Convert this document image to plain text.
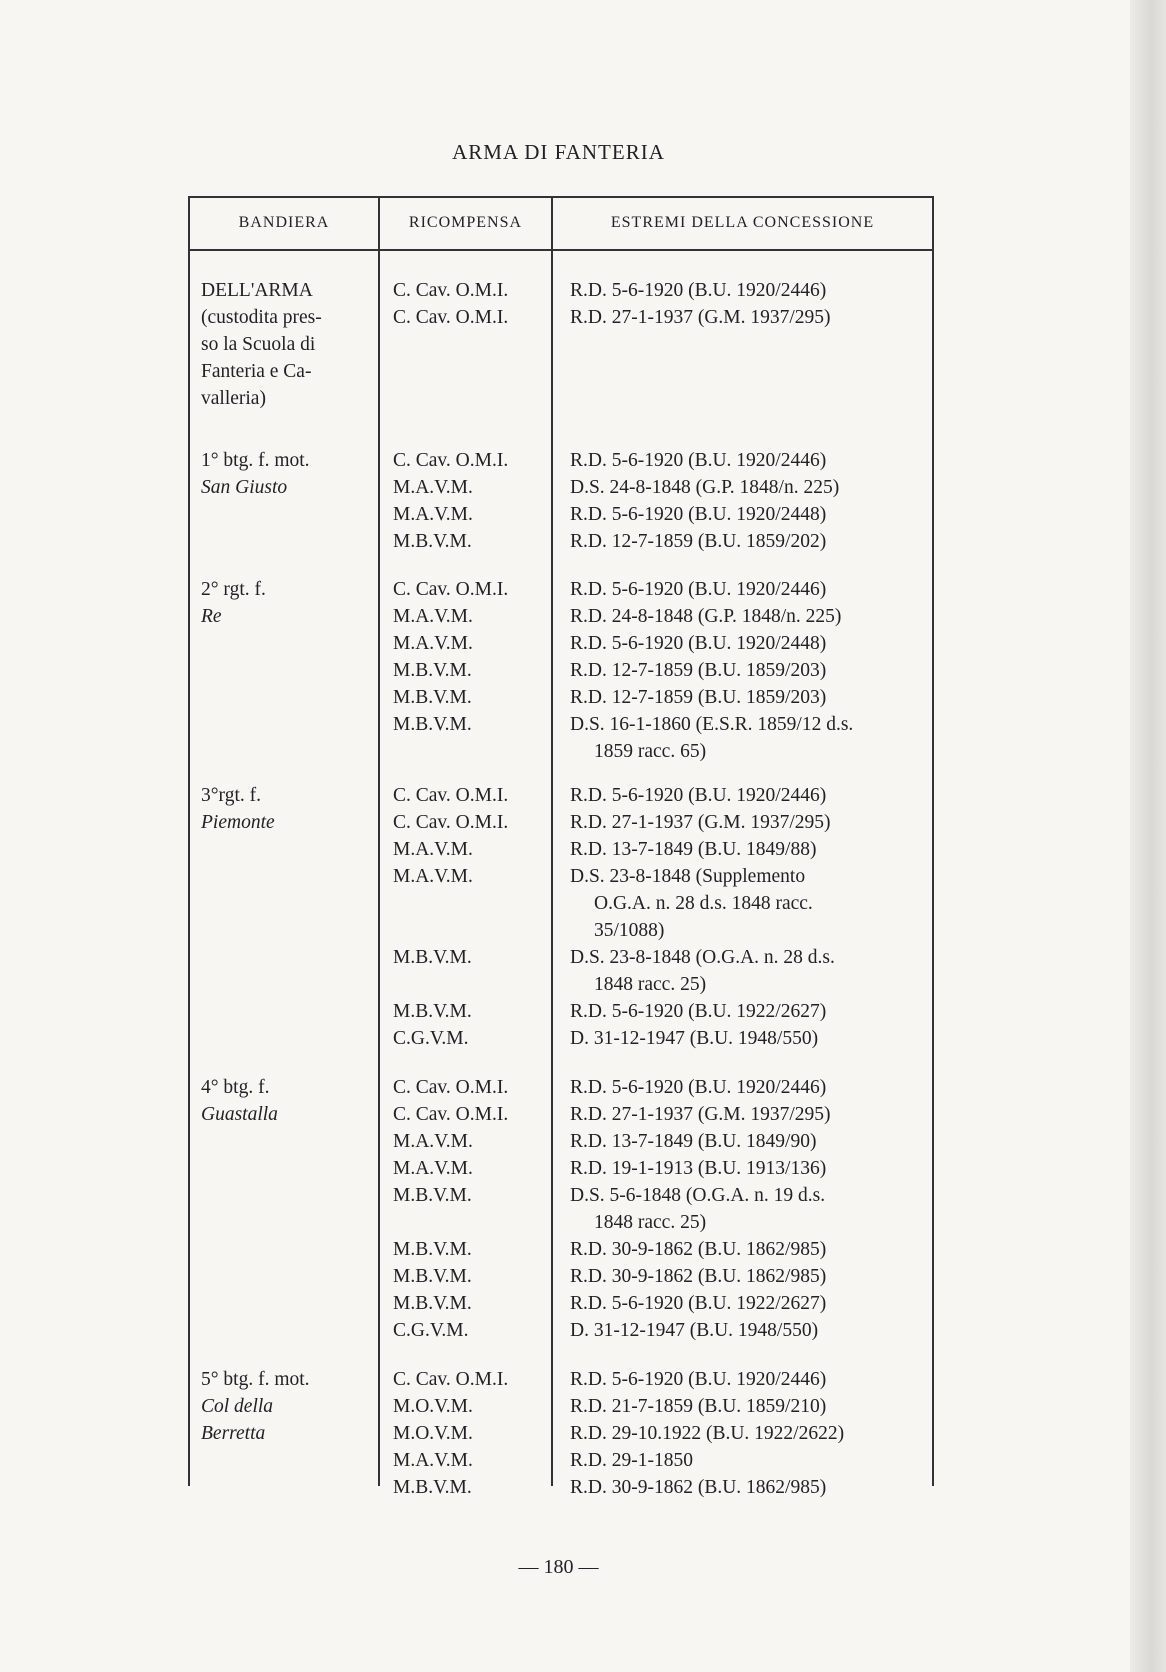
ARMA DI FANTERIA
BANDIERA	RICOMPENSA	ESTREMI DELLA CONCESSIONE
DELL'ARMA
(custodita pres-
so la Scuola di
Fanteria e Ca-
valleria)
C. Cav. O.M.I.
C. Cav. O.M.I.
R.D. 5-6-1920 (B.U. 1920/2446)
R.D. 27-1-1937 (G.M. 1937/295)
1° btg. f. mot.
San Giusto
C. Cav. O.M.I.
M.A.V.M.
M.A.V.M.
M.B.V.M.
R.D. 5-6-1920 (B.U. 1920/2446)
D.S. 24-8-1848 (G.P. 1848/n. 225)
R.D. 5-6-1920 (B.U. 1920/2448)
R.D. 12-7-1859 (B.U. 1859/202)
2° rgt. f.
Re
C. Cav. O.M.I.
M.A.V.M.
M.A.V.M.
M.B.V.M.
M.B.V.M.
M.B.V.M.
R.D. 5-6-1920 (B.U. 1920/2446)
R.D. 24-8-1848 (G.P. 1848/n. 225)
R.D. 5-6-1920 (B.U. 1920/2448)
R.D. 12-7-1859 (B.U. 1859/203)
R.D. 12-7-1859 (B.U. 1859/203)
D.S. 16-1-1860 (E.S.R. 1859/12 d.s.
1859 racc. 65)
3°rgt. f.
Piemonte
C. Cav. O.M.I.
C. Cav. O.M.I.
M.A.V.M.
M.A.V.M.

M.B.V.M.

M.B.V.M.
C.G.V.M.
R.D. 5-6-1920 (B.U. 1920/2446)
R.D. 27-1-1937 (G.M. 1937/295)
R.D. 13-7-1849 (B.U. 1849/88)
D.S. 23-8-1848 (Supplemento
O.G.A. n. 28 d.s. 1848 racc.
35/1088)
D.S. 23-8-1848 (O.G.A. n. 28 d.s.
1848 racc. 25)
R.D. 5-6-1920 (B.U. 1922/2627)
D. 31-12-1947 (B.U. 1948/550)
4° btg. f.
Guastalla
C. Cav. O.M.I.
C. Cav. O.M.I.
M.A.V.M.
M.A.V.M.
M.B.V.M.

M.B.V.M.
M.B.V.M.
M.B.V.M.
C.G.V.M.
R.D. 5-6-1920 (B.U. 1920/2446)
R.D. 27-1-1937 (G.M. 1937/295)
R.D. 13-7-1849 (B.U. 1849/90)
R.D. 19-1-1913 (B.U. 1913/136)
D.S. 5-6-1848 (O.G.A. n. 19 d.s.
1848 racc. 25)
R.D. 30-9-1862 (B.U. 1862/985)
R.D. 30-9-1862 (B.U. 1862/985)
R.D. 5-6-1920 (B.U. 1922/2627)
D. 31-12-1947 (B.U. 1948/550)
5° btg. f. mot.
Col della
Berretta
C. Cav. O.M.I.
M.O.V.M.
M.O.V.M.
M.A.V.M.
M.B.V.M.
R.D. 5-6-1920 (B.U. 1920/2446)
R.D. 21-7-1859 (B.U. 1859/210)
R.D. 29-10.1922 (B.U. 1922/2622)
R.D. 29-1-1850
R.D. 30-9-1862 (B.U. 1862/985)
— 180 —
